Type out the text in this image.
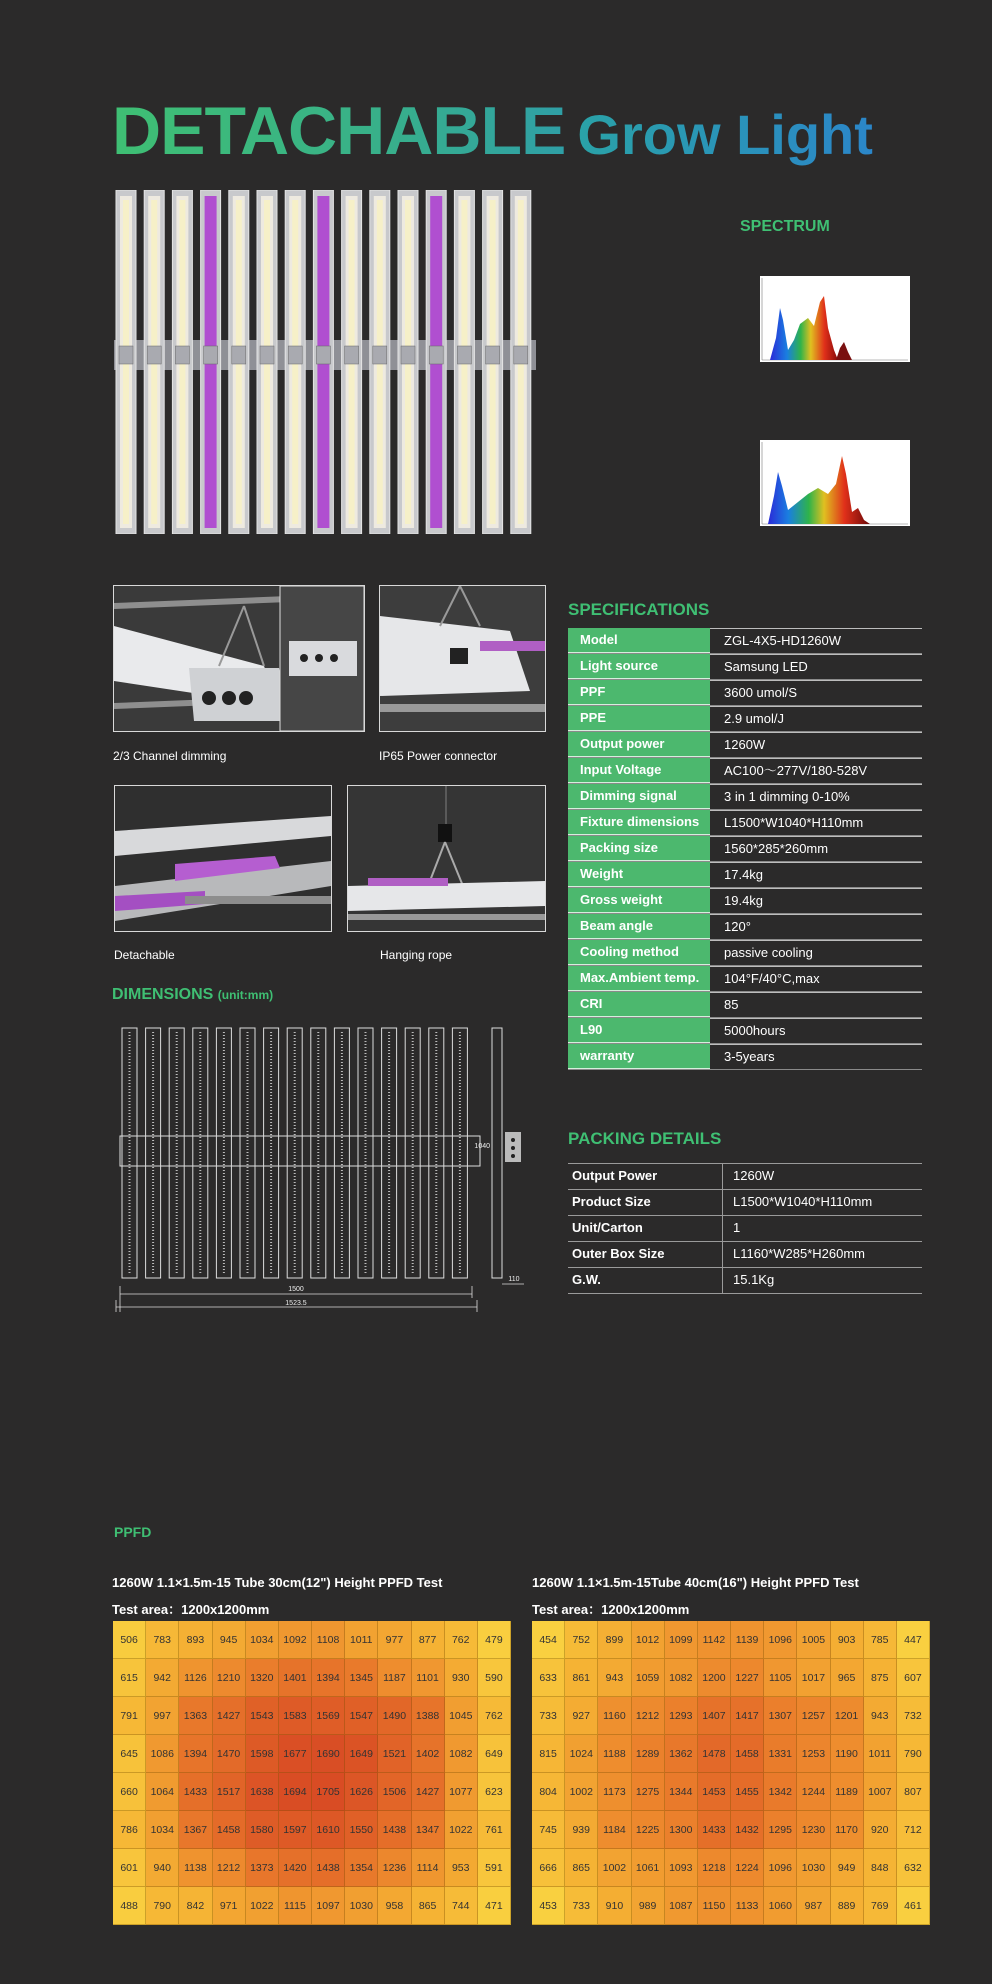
DETACHABLE Grow Light
SPECTRUM
2/3 Channel dimming	IP65 Power connector
Detachable	Hanging rope
DIMENSIONS (unit:mm)
1500
1523.5
1040
110
SPECIFICATIONS
Model	ZGL-4X5-HD1260W
Light source	Samsung LED
PPF	3600 umol/S
PPE	2.9 umol/J
Output power	1260W
Input Voltage	AC100～277V/180-528V
Dimming signal	3 in 1 dimming 0-10%
Fixture dimensions	L1500*W1040*H110mm
Packing size	1560*285*260mm
Weight	17.4kg
Gross weight	19.4kg
Beam angle	120°
Cooling method	passive cooling
Max.Ambient temp.	104°F/40°C,max
CRI	85
L90	5000hours
warranty	3-5years
PACKING DETAILS
Output Power	1260W
Product Size	L1500*W1040*H110mm
Unit/Carton	1
Outer Box Size	L1160*W285*H260mm
G.W.	15.1Kg
PPFD
1260W 1.1×1.5m-15 Tube 30cm(12") Height PPFD Test
Test area：1200x1200mm
506	783	893	945	1034 1092 1108	1011	977	877	762	479
615	942	1126 1210 1320 1401 1394 1345 1187	1101	930	590
791	997	1363 1427 1543 1583 1569 1547 1490 1388 1045	762
645	1086 1394 1470 1598 1677 1690 1649 1521 1402 1082	649
660	1064 1433 1517 1638 1694 1705 1626 1506 1427 1077	623
786	1034 1367 1458 1580 1597 1610 1550 1438 1347 1022	761
601	940	1138 1212 1373 1420 1438 1354 1236	1114	953	591
488	790	842	971	1022	1115	1097 1030	958	865	744	471
1260W 1.1×1.5m-15Tube 40cm(16") Height PPFD Test
Test area：1200x1200mm
454	752	899	1012 1099 1142	1139 1096 1005	903	785	447
633	861	943	1059 1082 1200 1227 1105 1017	965	875	607
733	927	1160 1212 1293 1407 1417 1307 1257 1201	943	732
815	1024 1188 1289 1362 1478 1458 1331 1253 1190	1011	790
804	1002 1173 1275 1344 1453 1455 1342 1244 1189 1007	807
745	939	1184 1225 1300 1433 1432 1295 1230 1170	920	712
666	865	1002 1061 1093 1218 1224 1096 1030	949	848	632
453	733	910	989	1087 1150	1133 1060	987	889	769	461
